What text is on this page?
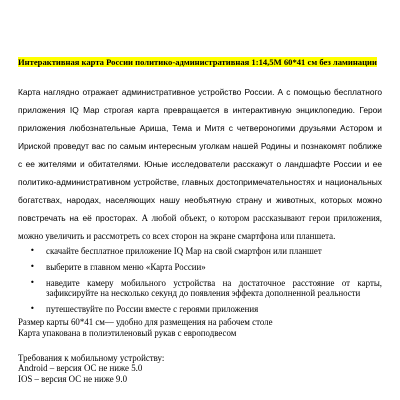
Интерактивная карта России политико-административная 1:14,5M 60*41 см без ламинации
Карта наглядно отражает административное устройство России. А с помощью бесплатного приложения IQ Map строгая карта превращается в интерактивную энциклопедию. Герои приложения любознательные Ариша, Тема и Митя с четвероногими друзьями Астором и Ириской проведут вас по самым интересным уголкам нашей Родины и познакомят поближе с ее жителями и обитателями. Юные исследователи расскажут о ландшафте России и ее политико-административном устройстве, главных достопримечательностях и национальных богатствах, народах, населяющих нашу необъятную страну и животных, которых можно повстречать на её просторах. А любой объект, о котором рассказывают герои приложения, можно увеличить и рассмотреть со всех сторон на экране смартфона или планшета.
• скачайте бесплатное приложение IQ Map на свой смартфон или планшет
• выберите в главном меню «Карта России»
• наведите камеру мобильного устройства на достаточное расстояние от карты, зафиксируйте на несколько секунд до появления эффекта дополненной реальности
• путешествуйте по России вместе с героями приложения
Размер карты 60*41 см— удобно для размещения на рабочем столе
Карта упакована в полиэтиленовый рукав с европодвесом
Требования к мобильному устройству:
Android – версия ОС не ниже 5.0
IOS – версия ОС не ниже 9.0
